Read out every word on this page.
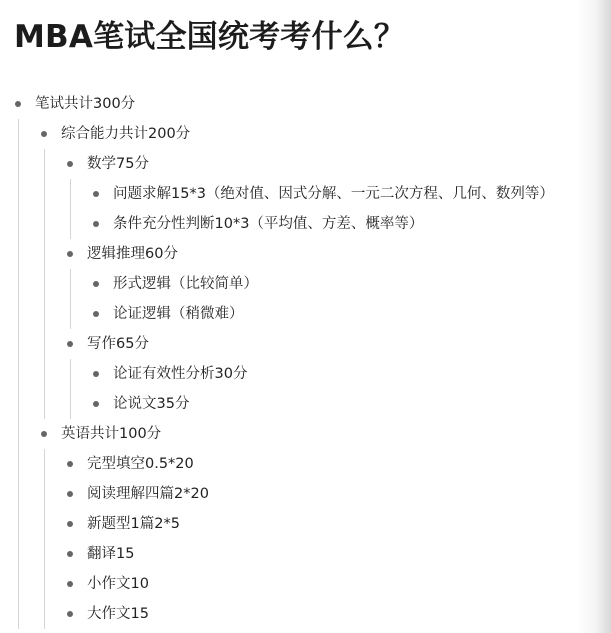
MBA笔试全国统考考什么？
笔试共计300分
综合能力共计200分
数学75分
问题求解15*3（绝对值、因式分解、一元二次方程、几何、数列等）
条件充分性判断10*3（平均值、方差、概率等）
逻辑推理60分
形式逻辑（比较简单）
论证逻辑（稍微难）
写作65分
论证有效性分析30分
论说文35分
英语共计100分
完型填空0.5*20
阅读理解四篇2*20
新题型1篇2*5
翻译15
小作文10
大作文15
